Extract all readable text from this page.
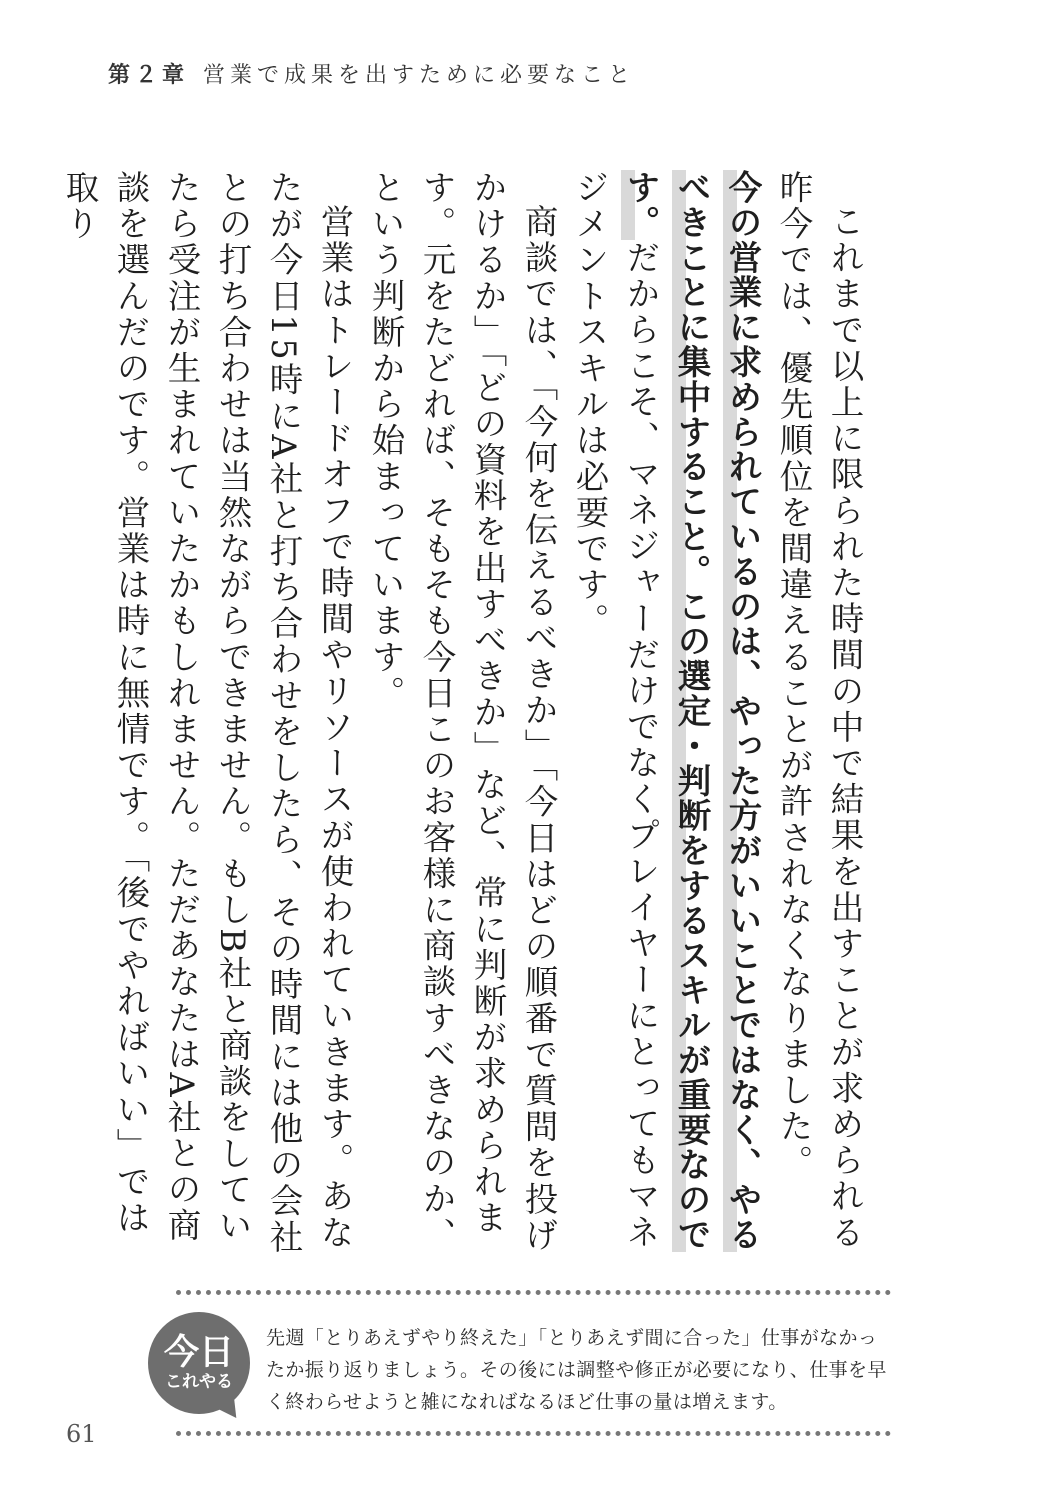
第２章 営業で成果を出すために必要なこと

これまで以上に限られた時間の中で結果を出すことが求められる昨今では、優先順位を間違えることが許されなくなりました。

今の営業に求められているのは、やった方がいいことではなく、やるべきことに集中すること。この選定・判断をするスキルが重要なのです。だからこそ、マネジャーだけでなくプレイヤーにとってもマネジメントスキルは必要です。

商談では、「今何を伝えるべきか」「今日はどの順番で質問を投げかけるか」「どの資料を出すべきか」など、常に判断が求められます。元をたどれば、そもそも今日このお客様に商談すべきなのか、という判断から始まっています。

営業はトレードオフで時間やリソースが使われていきます。あなたが今日15時にA社と打ち合わせをしたら、その時間には他の会社との打ち合わせは当然ながらできません。もしB社と商談をしていたら受注が生まれていたかもしれません。ただあなたはA社との商談を選んだのです。営業は時に無情です。「後でやればいい」では取り

今日
これやる
先週「とりあえずやり終えた」「とりあえず間に合った」仕事がなかったか振り返りましょう。その後には調整や修正が必要になり、仕事を早く終わらせようと雑になればなるほど仕事の量は増えます。
61
